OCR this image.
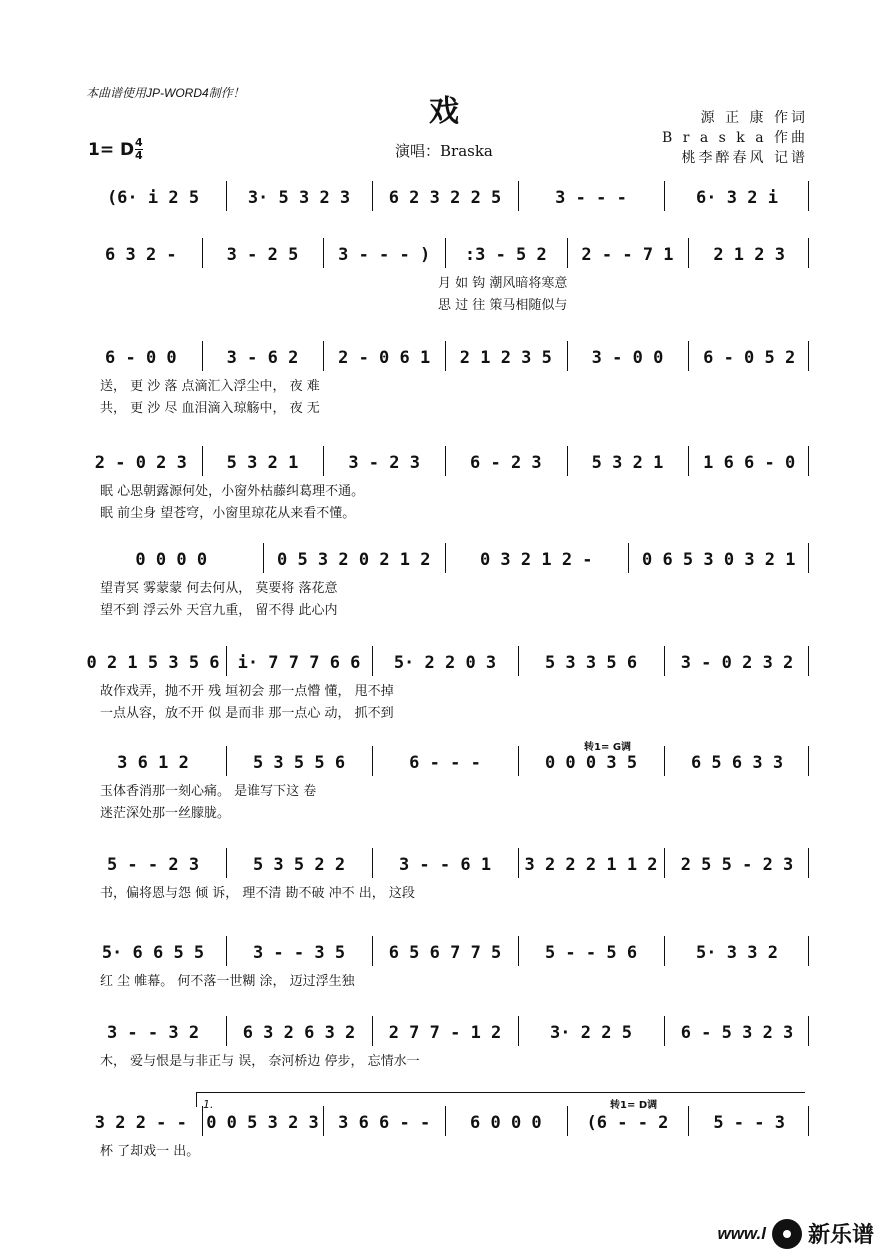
本曲谱使用JP-WORD4制作！
戏	源 正 康 作词
B r a s k a 作曲
桃李醉春风 记谱
1= D 4
4	演唱：Braska
(6· i 2 5	3· 5 3 2 3	6 2 3 2 2 5	3 - - -	6· 3 2 i
6 3 2 -	3 - 2 5	3 - - - )	:3 - 5 2	2 - - 7 1	2 1 2 3
月 如 钩 潮风暗将寒意
思 过 往 策马相随似与
6 - 0 0	3 - 6 2	2 - 0 6 1	2 1 2 3 5	3 - 0 0	6 - 0 5 2
送， 更 沙 落 点滴汇入浮尘中， 夜 难
共， 更 沙 尽 血泪滴入琼觞中， 夜 无
2 - 0 2 3	5 3 2 1	3 - 2 3	6 - 2 3	5 3 2 1	1 6 6 - 0
眠 心思朝露源何处，小窗外枯藤纠葛理不通。
眠 前尘身 望苍穹，小窗里琼花从来看不懂。
0 0 0 0	0 5 3 2 0 2 1 2	0 3 2 1 2 -	0 6 5 3 0 3 2 1
望青冥 雾蒙蒙 何去何从， 莫要将 落花意
望不到 浮云外 天宫九重， 留不得 此心内
0 2 1 5 3 5 6	i· 7 7 7 6 6	5· 2 2 0 3	5 3 3 5 6	3 - 0 2 3 2
故作戏弄，抛不开 残 垣初会 那一点懵 懂， 甩不掉
一点从容，放不开 似 是而非 那一点心 动， 抓不到
3 6 1 2	5 3 5 5 6	6 - - -	0 0 0 3 5	6 5 6 3 3
玉体香消那一刻心痛。 是谁写下这 卷
迷茫深处那一丝朦胧。
5 - - 2 3	5 3 5 2 2	3 - - 6 1	3 2 2 2 1 1 2	2 5 5 - 2 3
书，偏将恩与怨 倾 诉， 理不清 勘不破 冲不 出， 这段
5· 6 6 5 5	3 - - 3 5	6 5 6 7 7 5	5 - - 5 6	5· 3 3 2
红 尘 帷幕。 何不落一世糊 涂， 迈过浮生独
3 - - 3 2	6 3 2 6 3 2	2 7 7 - 1 2	3· 2 2 5	6 - 5 3 2 3
木， 爱与恨是与非正与 误， 奈河桥边 停步， 忘情水一
3 2 2 - -	0 0 5 3 2 3	3 6 6 - -	6 0 0 0	(6 - - 2	5 - - 3
杯 了却戏一 出。
转1= G调
转1= D调
1.
www.l 新乐谱
